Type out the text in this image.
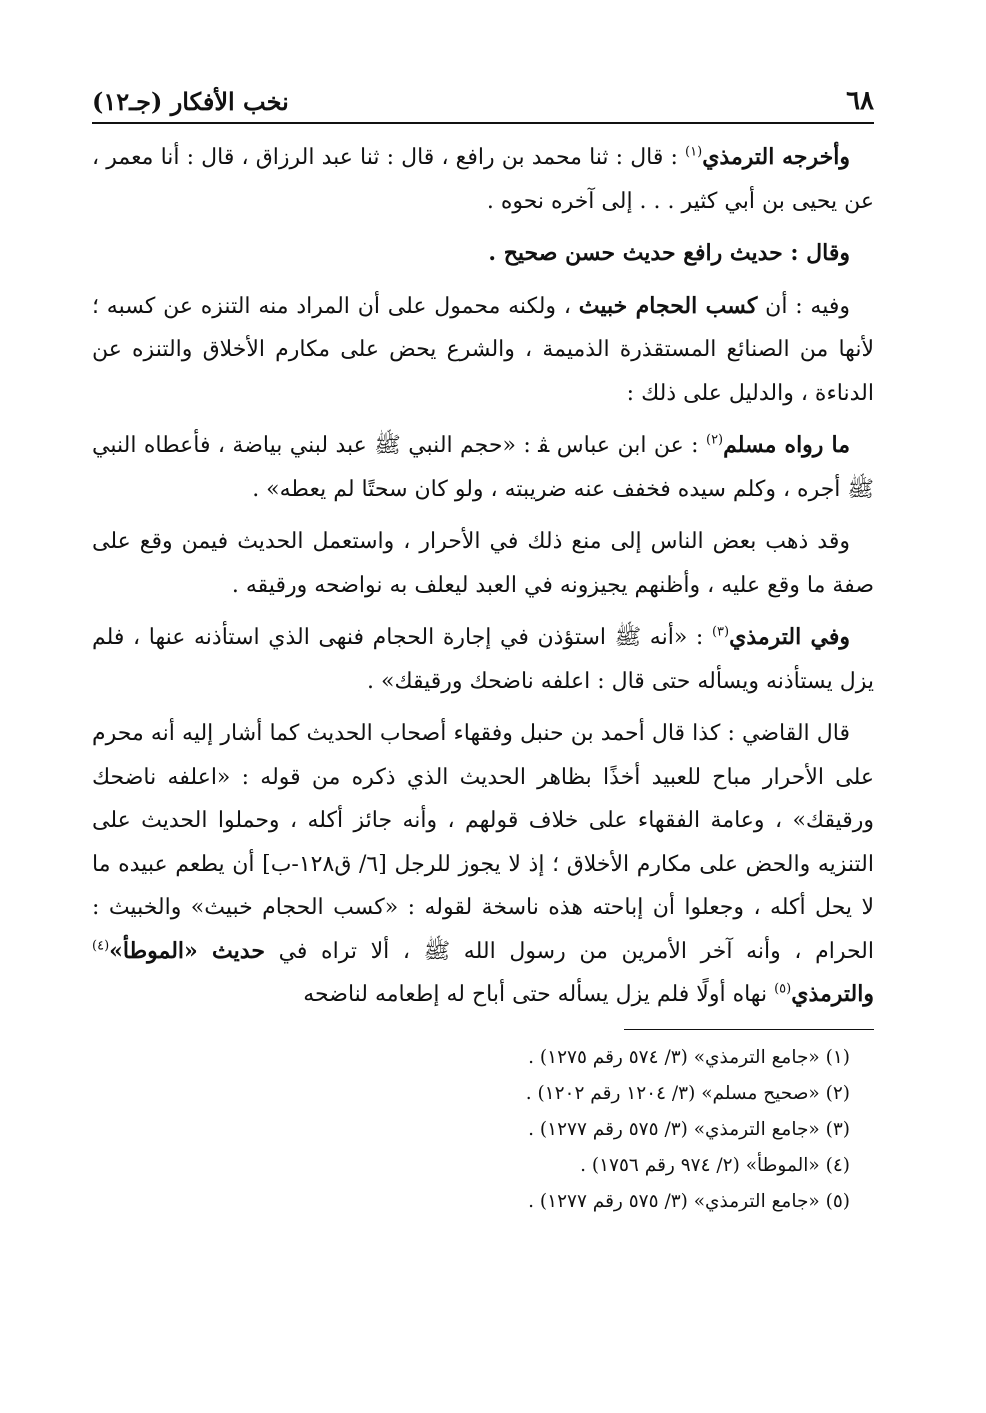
٦٨
نخب الأفكار (جـ١٢)

وأخرجه الترمذي$^{(١)}$ : قال : ثنا محمد بن رافع ، قال : ثنا عبد الرزاق ، قال : أنا معمر ، عن يحيى بن أبي كثير . . . إلى آخره نحوه .

وقال : حديث رافع حديث حسن صحيح .

وفيه : أن كسب الحجام خبيث ، ولكنه محمول على أن المراد منه التنزه عن كسبه ؛ لأنها من الصنائع المستقذرة الذميمة ، والشرع يحض على مكارم الأخلاق والتنزه عن الدناءة ، والدليل على ذلك :

ما رواه مسلم$^{(٢)}$ : عن ابن عباس ﭭ : «حجم النبي ﷺ عبد لبني بياضة ، فأعطاه النبي ﷺ أجره ، وكلم سيده فخفف عنه ضريبته ، ولو كان سحتًا لم يعطه» .

وقد ذهب بعض الناس إلى منع ذلك في الأحرار ، واستعمل الحديث فيمن وقع على صفة ما وقع عليه ، وأظنهم يجيزونه في العبد ليعلف به نواضحه ورقيقه .

وفي الترمذي$^{(٣)}$ : «أنه ﷺ استؤذن في إجارة الحجام فنهى الذي استأذنه عنها ، فلم يزل يستأذنه ويسأله حتى قال : اعلفه ناضحك ورقيقك» .

قال القاضي : كذا قال أحمد بن حنبل وفقهاء أصحاب الحديث كما أشار إليه أنه محرم على الأحرار مباح للعبيد أخذًا بظاهر الحديث الذي ذكره من قوله : «اعلفه ناضحك ورقيقك» ، وعامة الفقهاء على خلاف قولهم ، وأنه جائز أكله ، وحملوا الحديث على التنزيه والحض على مكارم الأخلاق ؛ إذ لا يجوز للرجل [٦/ ق١٢٨-ب] أن يطعم عبيده ما لا يحل أكله ، وجعلوا أن إباحته هذه ناسخة لقوله : «كسب الحجام خبيث» والخبيث : الحرام ، وأنه آخر الأمرين من رسول الله ﷺ ، ألا تراه في حديث «الموطأ»$^{(٤)}$ والترمذي$^{(٥)}$ نهاه أولًا فلم يزل يسأله حتى أباح له إطعامه لناضحه

(١) «جامع الترمذي» (٣/ ٥٧٤ رقم ١٢٧٥) .
(٢) «صحيح مسلم» (٣/ ١٢٠٤ رقم ١٢٠٢) .
(٣) «جامع الترمذي» (٣/ ٥٧٥ رقم ١٢٧٧) .
(٤) «الموطأ» (٢/ ٩٧٤ رقم ١٧٥٦) .
(٥) «جامع الترمذي» (٣/ ٥٧٥ رقم ١٢٧٧) .
